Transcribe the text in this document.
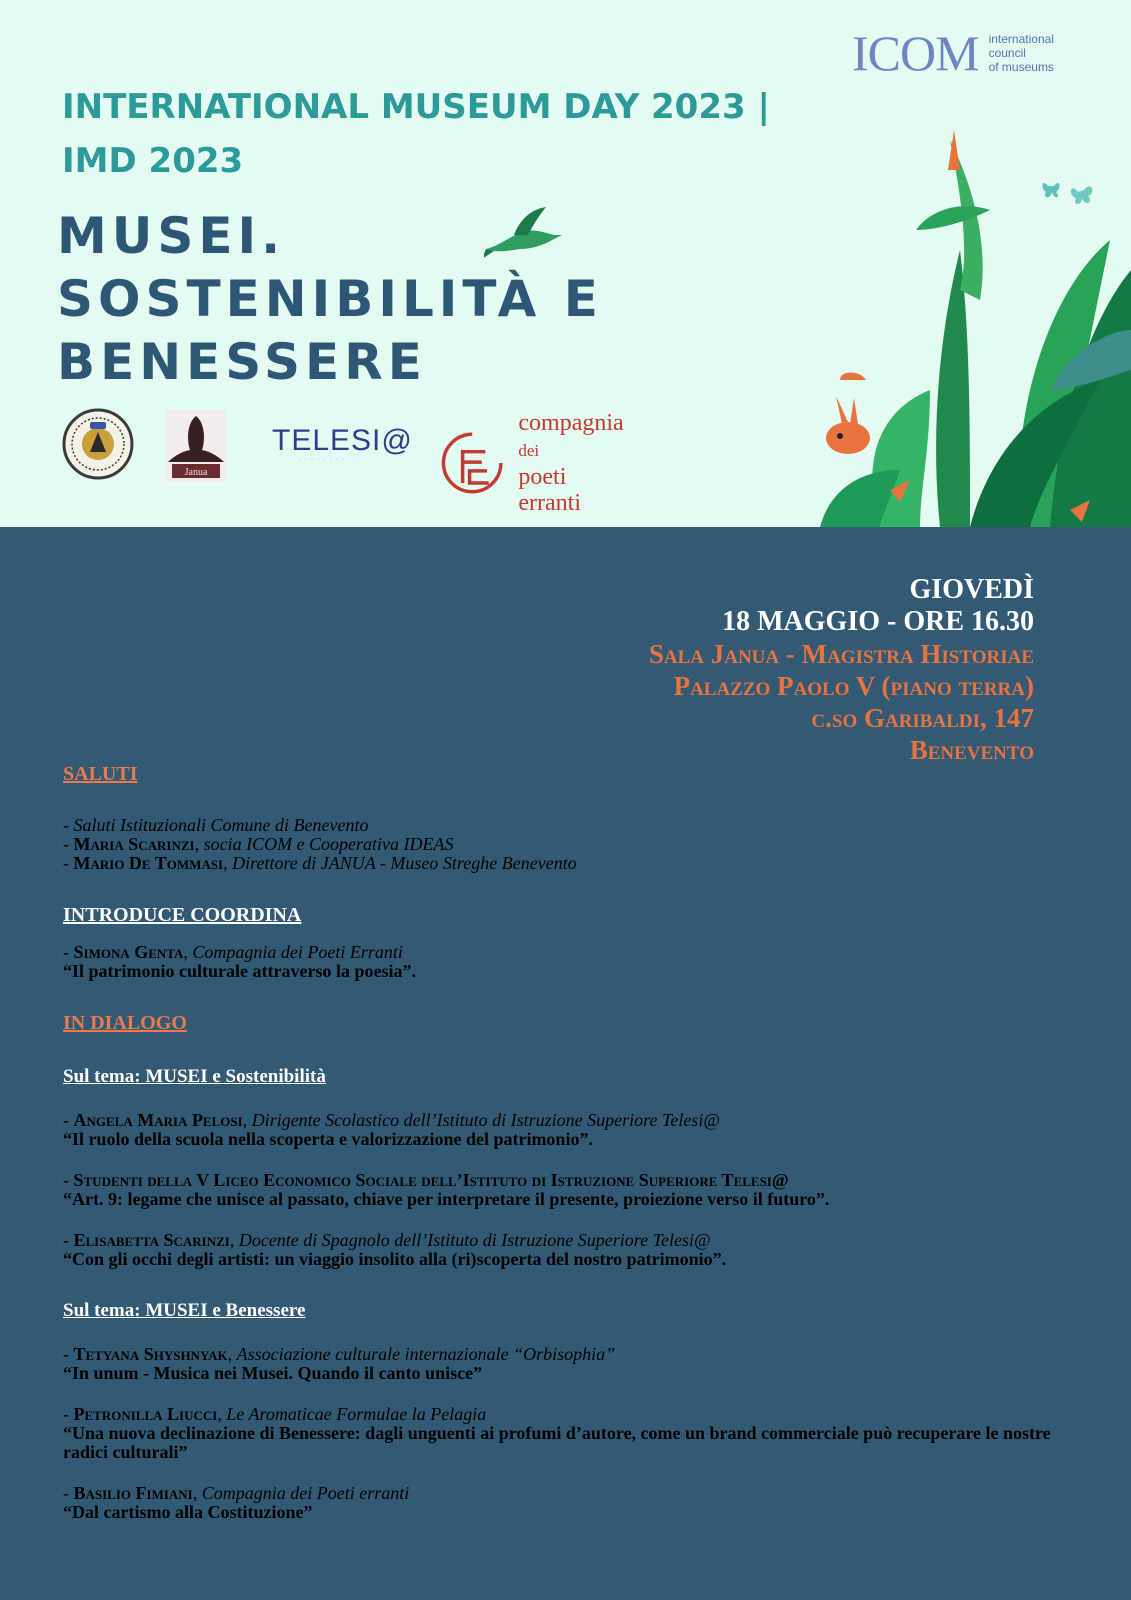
ICOM international
council
of museums
INTERNATIONAL MUSEUM DAY 2023 |
IMD 2023
MUSEI.
SOSTENIBILITÀ E
BENESSERE
Janua
TELESI@
· · · · · · · · ·
compagnia dei
poeti erranti

GIOVEDÌ

18 MAGGIO - ORE 16.30

Sala Janua - Magistra Historiae

Palazzo Paolo V (piano terra)

c.so Garibaldi, 147

Benevento

SALUTI

- Saluti Istituzionali Comune di Benevento

- Maria Scarinzi, socia ICOM e Cooperativa IDEAS

- Mario De Tommasi, Direttore di JANUA - Museo Streghe Benevento

INTRODUCE COORDINA

- Simona Genta, Compagnia dei Poeti Erranti

“Il patrimonio culturale attraverso la poesia”.

IN DIALOGO

Sul tema: MUSEI e Sostenibilità

- Angela Maria Pelosi, Dirigente Scolastico dell’Istituto di Istruzione Superiore Telesi@

“Il ruolo della scuola nella scoperta e valorizzazione del patrimonio”.

- Studenti della V Liceo Economico Sociale dell’Istituto di Istruzione Superiore Telesi@

“Art. 9: legame che unisce al passato, chiave per interpretare il presente, proiezione verso il futuro”.

- Elisabetta Scarinzi, Docente di Spagnolo dell’Istituto di Istruzione Superiore Telesi@

“Con gli occhi degli artisti: un viaggio insolito alla (ri)scoperta del nostro patrimonio”.

Sul tema: MUSEI e Benessere

- Tetyana Shyshnyak, Associazione culturale internazionale “Orbisophia”

“In unum - Musica nei Musei. Quando il canto unisce”

- Petronilla Liucci, Le Aromaticae Formulae la Pelagia

“Una nuova declinazione di Benessere: dagli unguenti ai profumi d’autore, come un brand commerciale può recuperare le nostre radici culturali”

- Basilio Fimiani, Compagnia dei Poeti erranti

“Dal cartismo alla Costituzione”
